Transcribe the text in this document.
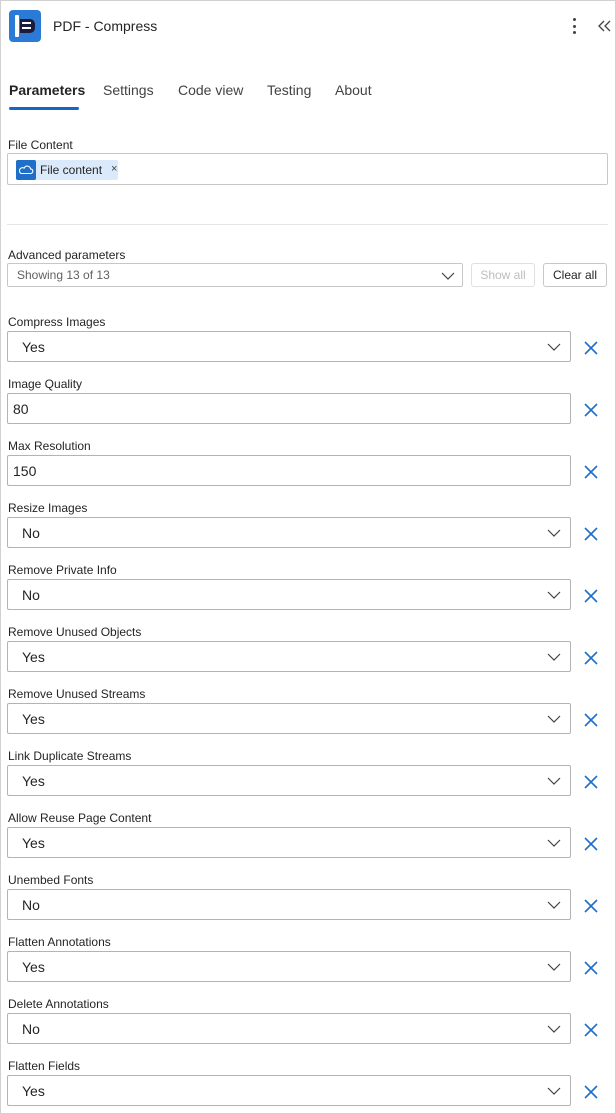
PDF - Compress
Parameters Settings Code view Testing About
File Content
File content ×
Advanced parameters
Showing 13 of 13	Show all	Clear all
Compress Images
Yes
Image Quality
80
Max Resolution
150
Resize Images
No
Remove Private Info
No
Remove Unused Objects
Yes
Remove Unused Streams
Yes
Link Duplicate Streams
Yes
Allow Reuse Page Content
Yes
Unembed Fonts
No
Flatten Annotations
Yes
Delete Annotations
No
Flatten Fields
Yes
